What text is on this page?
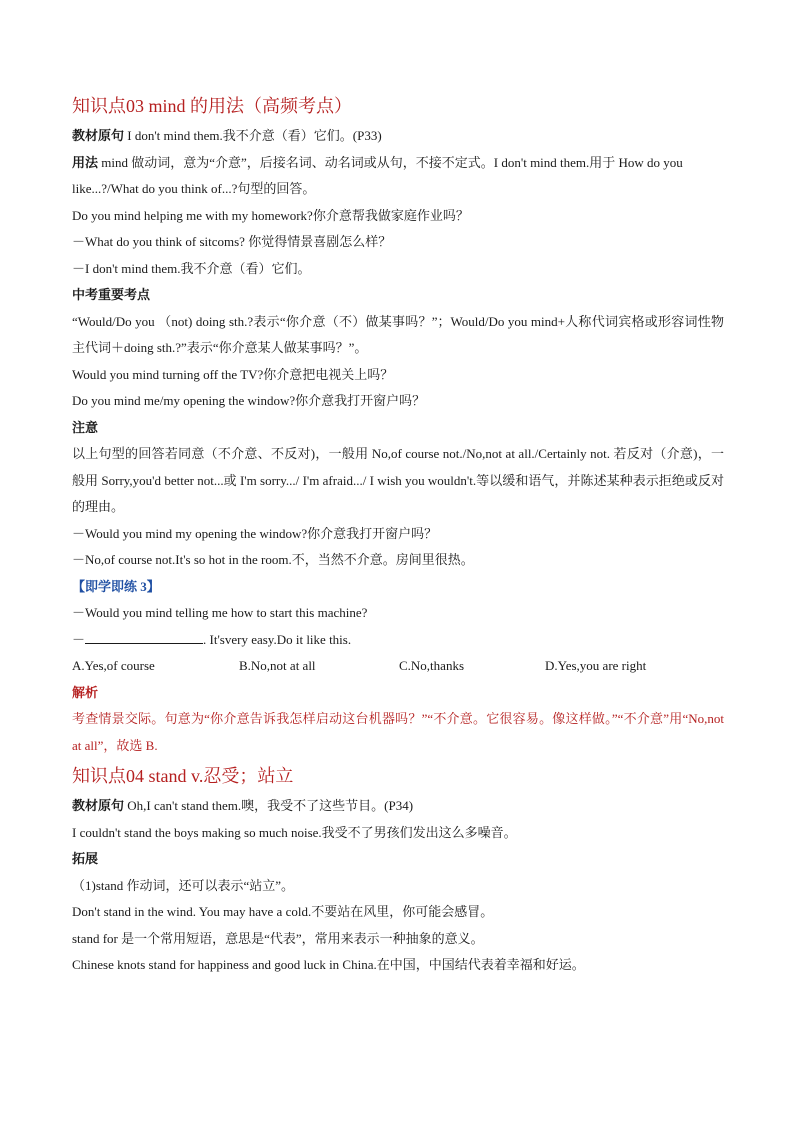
知识点03 mind 的用法（高频考点）
教材原句 I don't mind them.我不介意（看）它们。(P33)
用法 mind 做动词，意为“介意”，后接名词、动名词或从句，不接不定式。I don't mind them.用于 How do you
like...?/What do you think of...?句型的回答。
Do you mind helping me with my homework?你介意帮我做家庭作业吗？
－What do you think of sitcoms? 你觉得情景喜剧怎么样？
－I don't mind them.我不介意（看）它们。
中考重要考点
“Would/Do you （not) doing sth.?表示“你介意（不）做某事吗？”；Would/Do you mind+人称代词宾格或形容词性物主代词＋doing sth.?”表示“你介意某人做某事吗？”。
Would you mind turning off the TV?你介意把电视关上吗？
Do you mind me/my opening the window?你介意我打开窗户吗？
注意
以上句型的回答若同意（不介意、不反对)，一般用 No,of course not./No,not at all./Certainly not. 若反对（介意)，一般用 Sorry,you'd better not...或 I'm sorry.../ I'm afraid.../ I wish you wouldn't.等以缓和语气，并陈述某种表示拒绝或反对的理由。
－Would you mind my opening the window?你介意我打开窗户吗？
－No,of course not.It's so hot in the room.不，当然不介意。房间里很热。
【即学即练 3】
－Would you mind telling me how to start this machine?
－	. It'svery easy.Do it like this.
A.Yes,of course	B.No,not at all	C.No,thanks	D.Yes,you are right
解析
考查情景交际。句意为“你介意告诉我怎样启动这台机器吗？”“不介意。它很容易。像这样做。”“不介意”用“No,not at all”，故选 B.
知识点04 stand v.忍受；站立
教材原句 Oh,I can't stand them.噢，我受不了这些节目。(P34)
I couldn't stand the boys making so much noise.我受不了男孩们发出这么多噪音。
拓展
（1)stand 作动词，还可以表示“站立”。
Don't stand in the wind. You may have a cold.不要站在风里，你可能会感冒。
stand for 是一个常用短语，意思是“代表”，常用来表示一种抽象的意义。
Chinese knots stand for happiness and good luck in China.在中国，中国结代表着幸福和好运。
